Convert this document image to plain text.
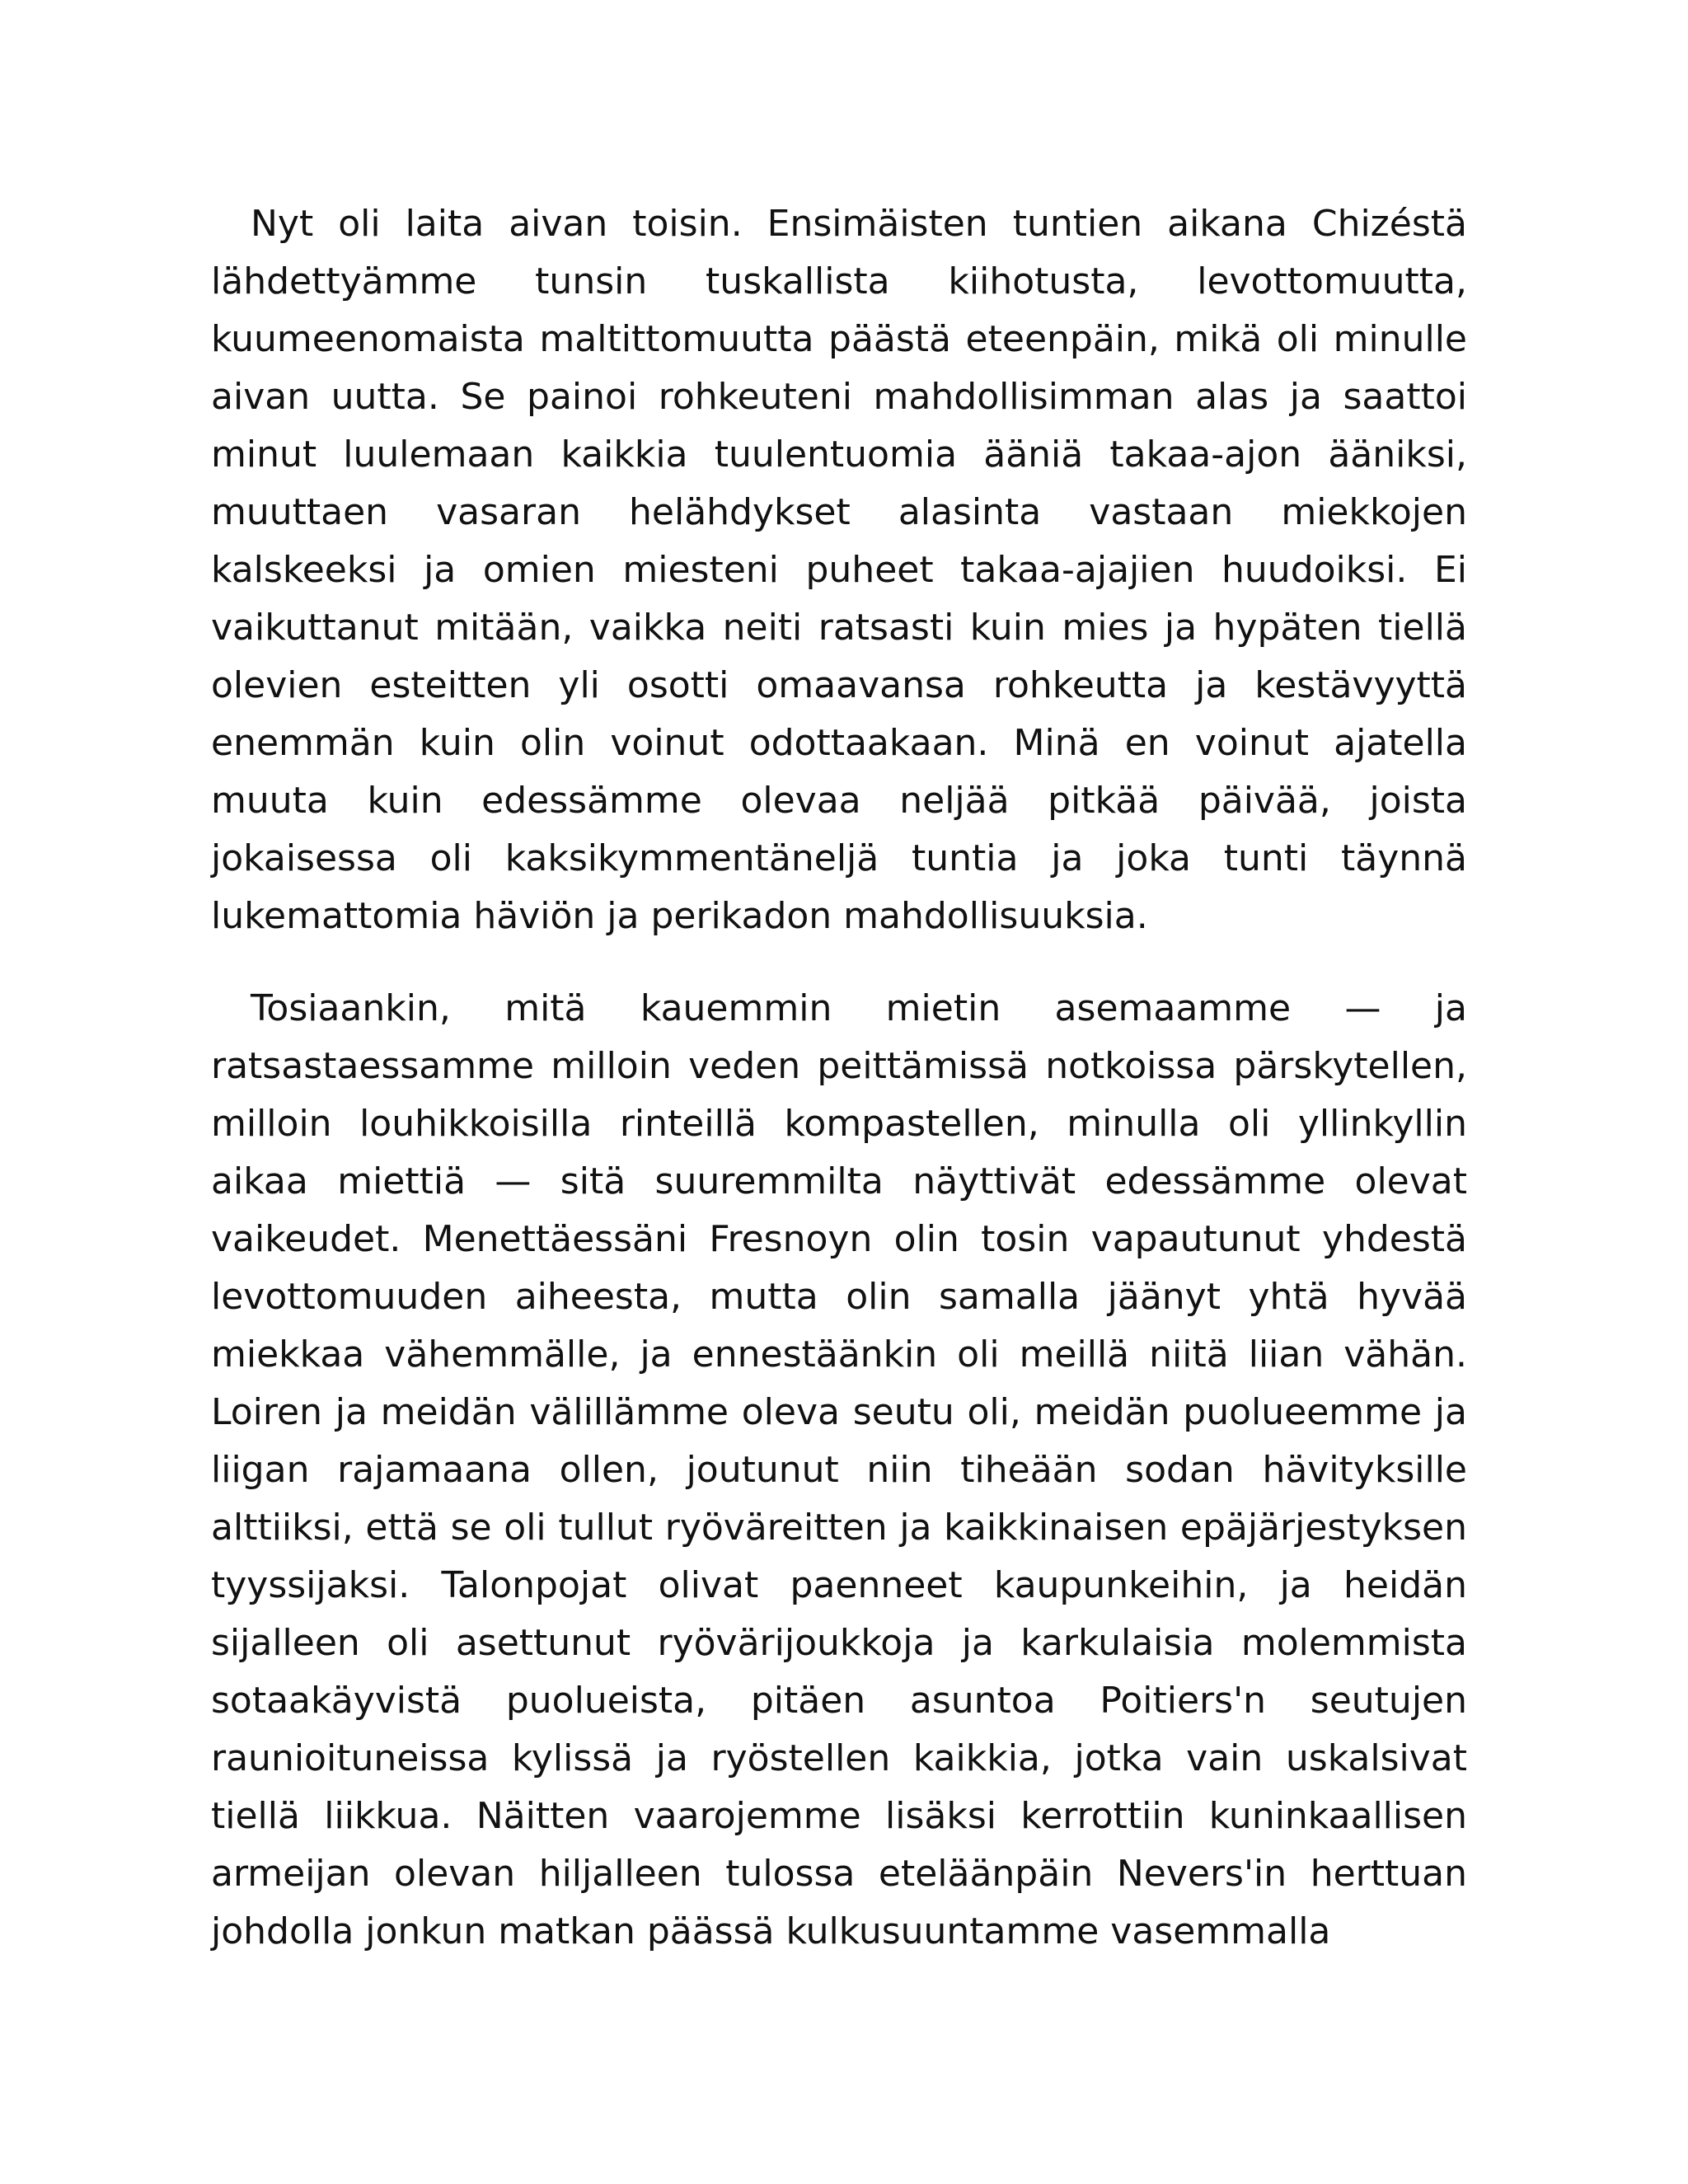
Nyt oli laita aivan toisin. Ensimäisten tuntien aikana Chizéstä lähdettyämme tunsin tuskallista kiihotusta, levottomuutta, kuumeenomaista maltittomuutta päästä eteenpäin, mikä oli minulle aivan uutta. Se painoi rohkeuteni mahdollisimman alas ja saattoi minut luulemaan kaikkia tuulentuomia ääniä takaa-ajon ääniksi, muuttaen vasaran helähdykset alasinta vastaan miekkojen kalskeeksi ja omien miesteni puheet takaa-ajajien huudoiksi. Ei vaikuttanut mitään, vaikka neiti ratsasti kuin mies ja hypäten tiellä olevien esteitten yli osotti omaavansa rohkeutta ja kestävyyttä enemmän kuin olin voinut odottaakaan. Minä en voinut ajatella muuta kuin edessämme olevaa neljää pitkää päivää, joista jokaisessa oli kaksikymmentäneljä tuntia ja joka tunti täynnä lukemattomia häviön ja perikadon mahdollisuuksia.

Tosiaankin, mitä kauemmin mietin asemaamme — ja ratsastaessamme milloin veden peittämissä notkoissa pärskytellen, milloin louhikkoisilla rinteillä kompastellen, minulla oli yllinkyllin aikaa miettiä — sitä suuremmilta näyttivät edessämme olevat vaikeudet. Menettäessäni Fresnoyn olin tosin vapautunut yhdestä levottomuuden aiheesta, mutta olin samalla jäänyt yhtä hyvää miekkaa vähemmälle, ja ennestäänkin oli meillä niitä liian vähän. Loiren ja meidän välillämme oleva seutu oli, meidän puolueemme ja liigan rajamaana ollen, joutunut niin tiheään sodan hävityksille alttiiksi, että se oli tullut ryöväreitten ja kaikkinaisen epäjärjestyksen tyyssijaksi. Talonpojat olivat paenneet kaupunkeihin, ja heidän sijalleen oli asettunut ryövärijoukkoja ja karkulaisia molemmista sotaakäyvistä puolueista, pitäen asuntoa Poitiers'n seutujen raunioituneissa kylissä ja ryöstellen kaikkia, jotka vain uskalsivat tiellä liikkua. Näitten vaarojemme lisäksi kerrottiin kuninkaallisen armeijan olevan hiljalleen tulossa eteläänpäin Nevers'in herttuan johdolla jonkun matkan päässä kulkusuuntamme vasemmalla
